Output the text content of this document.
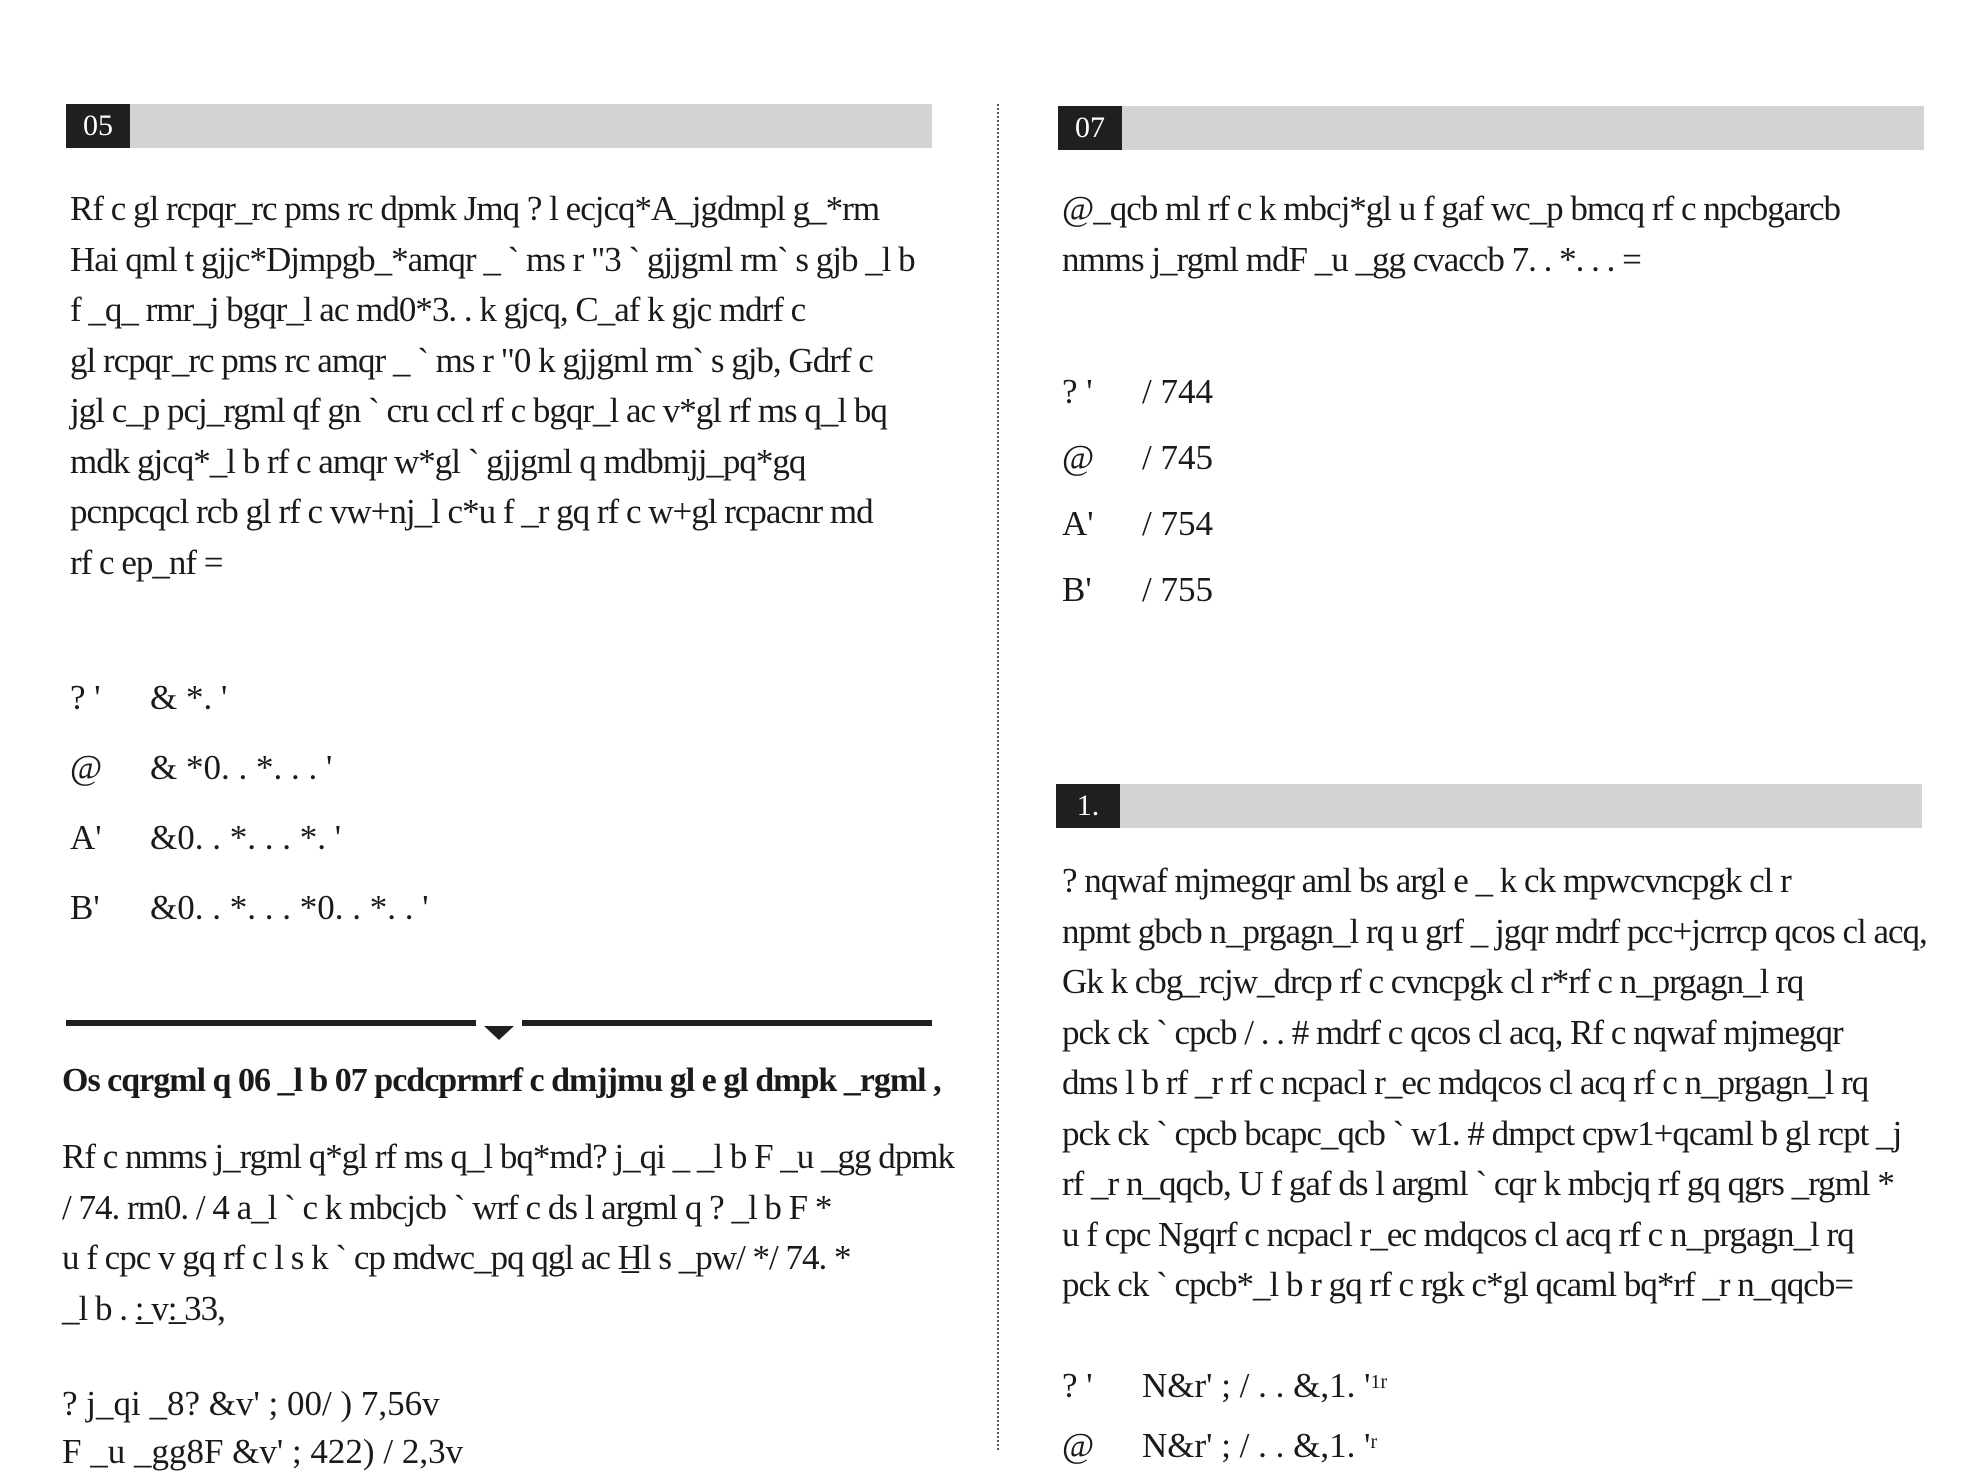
05

Rf c gl rcpqr_rc pms rc dpmk Jmq ? l ecjcq*A_jgdmpl g_*rm
Hai qml t gjjc*Djmpgb_*amqr _ ` ms r "3 ` gjjgml rm` s gjb _l b
f _q_ rmr_j bgqr_l ac md0*3. . k gjcq, C_af k gjc mdrf c
gl rcpqr_rc pms rc amqr _ ` ms r "0 k gjjgml rm` s gjb, Gdrf c
jgl c_p pcj_rgml qf gn ` cru ccl rf c bgqr_l ac v*gl rf ms q_l bq
mdk gjcq*_l b rf c amqr w*gl ` gjjgml q mdbmjj_pq*gq
pcnpcqcl rcb gl rf c vw+nj_l c*u f _r gq rf c w+gl rcpacnr md
rf c ep_nf =

? ' & *. '
@ & *0. . *. . . '
A' &0. . *. . . *. '
B' &0. . *. . . *0. . *. . '

Os cqrgml q 06 _l b 07 pcdcprmrf c dmjjmu gl e gl dmpk _rgml ,

Rf c nmms j_rgml q*gl rf ms q_l bq*md? j_qi _ _l b F _u _gg dpmk
/ 74. rm0. / 4 a_l ` c k mbcjcb ` wrf c ds l argml q ? _l b F *
u f cpc v gq rf c l s k ` cp mdwc_pq qgl ac H̲l s _pw/ */ 74. *
_l b . :̲ v:̲ 33,

? j_qi _8? &v' ; 00/ ) 7,56v
F _u _gg8F &v' ; 422) / 2,3v
07

@_qcb ml rf c k mbcj*gl u f gaf wc_p bmcq rf c npcbgarcb
nmms j_rgml mdF _u _gg cvaccb 7. . *. . . =

? ' / 744
@ / 745
A' / 754
B' / 755
1.

? nqwaf mjmegqr aml bs argl e _ k ck mpwcvncpgk cl r
npmt gbcb n_prgagn_l rq u grf _ jgqr mdrf pcc+jcrrcp qcos cl acq,
Gk k cbg_rcjw_drcp rf c cvncpgk cl r*rf c n_prgagn_l rq
pck ck ` cpcb / . . # mdrf c qcos cl acq, Rf c nqwaf mjmegqr
dms l b rf _r rf c ncpacl r_ec mdqcos cl acq rf c n_prgagn_l rq
pck ck ` cpcb bcapc_qcb ` w1. # dmpct cpw1+qcaml b gl rcpt _j
rf _r n_qqcb, U f gaf ds l argml ` cqr k mbcjq rf gq qgrs _rgml *
u f cpc Ngqrf c ncpacl r_ec mdqcos cl acq rf c n_prgagn_l rq
pck ck ` cpcb*_l b r gq rf c rgk c*gl qcaml bq*rf _r n_qqcb=

? ' N&r' ; / . . &,1. '$^{1r}$
@ N&r' ; / . . &,1. '$^r$
